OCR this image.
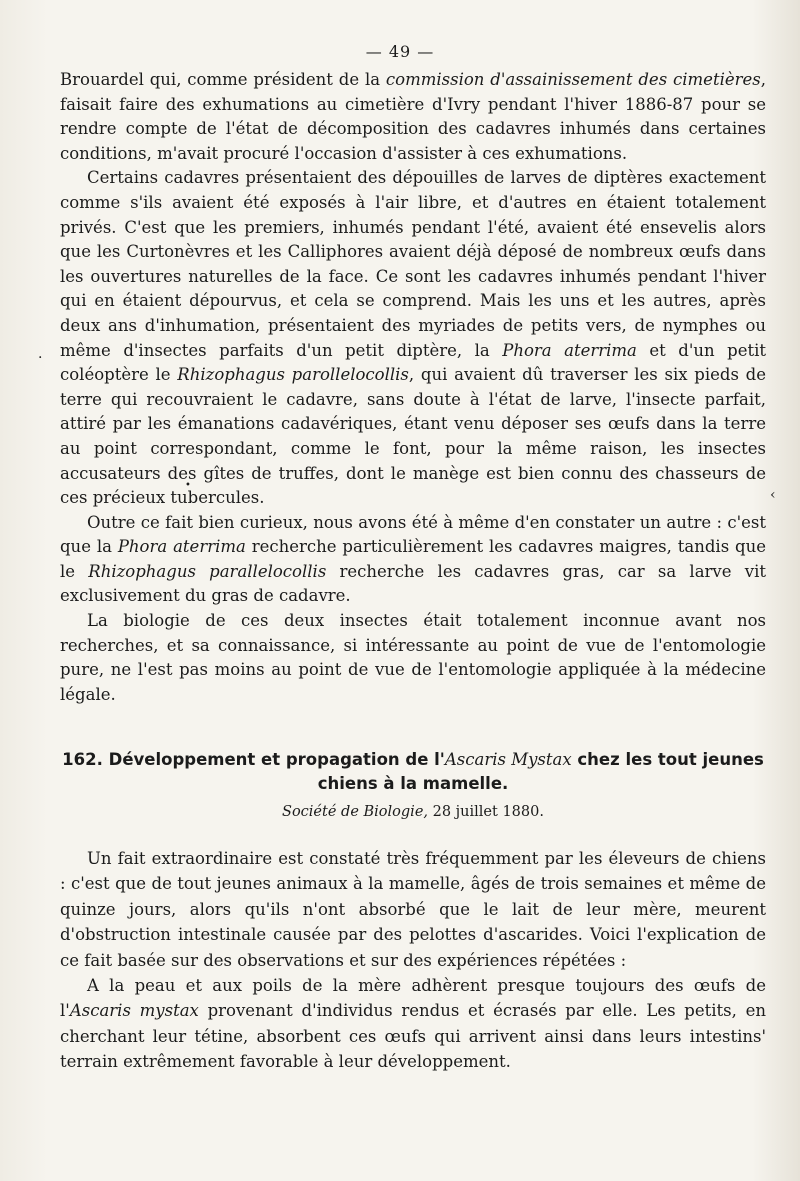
— 49 —

Brouardel qui, comme président de la commission d'assainissement des cimetières, faisait faire des exhumations au cimetière d'Ivry pendant l'hiver 1886-87 pour se rendre compte de l'état de décomposition des cadavres inhumés dans certaines conditions, m'avait procuré l'occasion d'assister à ces exhumations.

Certains cadavres présentaient des dépouilles de larves de diptères exactement comme s'ils avaient été exposés à l'air libre, et d'autres en étaient totalement privés. C'est que les premiers, inhumés pendant l'été, avaient été ensevelis alors que les Curtonèvres et les Calliphores avaient déjà déposé de nombreux œufs dans les ouvertures naturelles de la face. Ce sont les cadavres inhumés pendant l'hiver qui en étaient dépourvus, et cela se comprend. Mais les uns et les autres, après deux ans d'inhumation, présentaient des myriades de petits vers, de nymphes ou même d'insectes parfaits d'un petit diptère, la Phora aterrima et d'un petit coléoptère le Rhizophagus parollelocollis, qui avaient dû traverser les six pieds de terre qui recouvraient le cadavre, sans doute à l'état de larve, l'insecte parfait, attiré par les émanations cadavériques, étant venu déposer ses œufs dans la terre au point correspondant, comme le font, pour la même raison, les insectes accusateurs des gîtes de truffes, dont le manège est bien connu des chasseurs de ces précieux tubercules.

Outre ce fait bien curieux, nous avons été à même d'en constater un autre : c'est que la Phora aterrima recherche particulièrement les cadavres maigres, tandis que le Rhizophagus parallelocollis recherche les cadavres gras, car sa larve vit exclusivement du gras de cadavre.

La biologie de ces deux insectes était totalement inconnue avant nos recherches, et sa connaissance, si intéressante au point de vue de l'entomologie pure, ne l'est pas moins au point de vue de l'entomologie appliquée à la médecine légale.

162. Développement et propagation de l'Ascaris Mystax chez les tout jeunes chiens à la mamelle.
Société de Biologie, 28 juillet 1880.

Un fait extraordinaire est constaté très fréquemment par les éleveurs de chiens : c'est que de tout jeunes animaux à la mamelle, âgés de trois semaines et même de quinze jours, alors qu'ils n'ont absorbé que le lait de leur mère, meurent d'obstruction intestinale causée par des pelottes d'ascarides. Voici l'explication de ce fait basée sur des observations et sur des expériences répétées :

A la peau et aux poils de la mère adhèrent presque toujours des œufs de l'Ascaris mystax provenant d'individus rendus et écrasés par elle. Les petits, en cherchant leur tétine, absorbent ces œufs qui arrivent ainsi dans leurs intestins' terrain extrêmement favorable à leur développement.

•
‹
.
